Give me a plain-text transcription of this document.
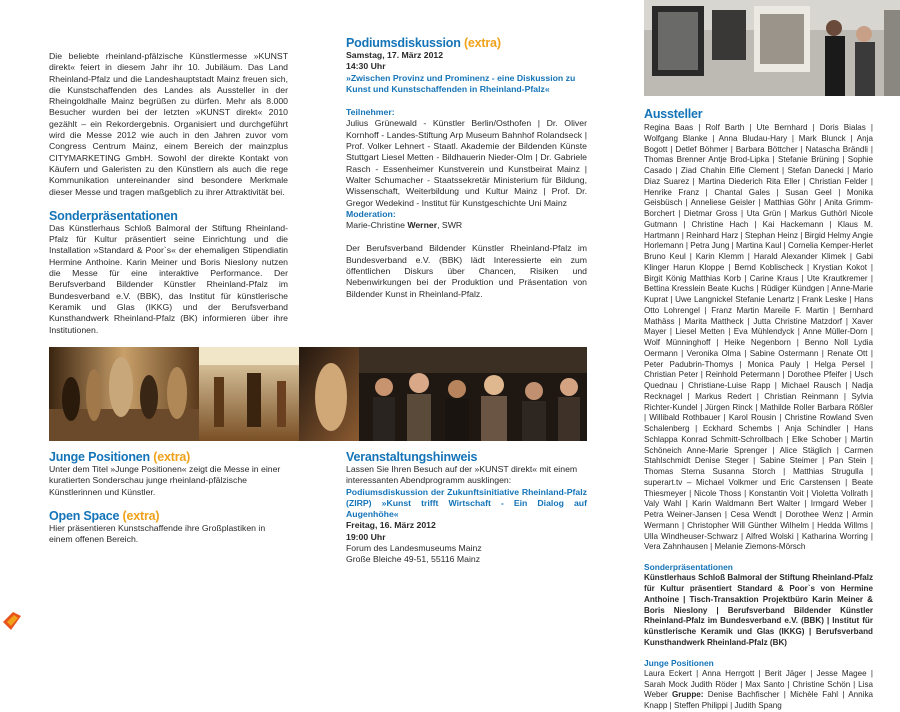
Die beliebte rheinland-pfälzische Künstlermesse »KUNST direkt« feiert in diesem Jahr ihr 10. Jubiläum. Das Land Rheinland-Pfalz und die Landeshauptstadt Mainz freuen sich, die Kunstschaffenden des Landes als Aussteller in der Rheingoldhalle Mainz begrüßen zu dürfen. Mehr als 8.000 Besucher wurden bei der letzten »KUNST direkt« 2010 gezählt – ein Rekordergebnis. Organisiert und durchgeführt wird die Messe 2012 wie auch in den Jahren zuvor vom Congress Centrum Mainz, einem Bereich der mainzplus CITYMARKETING GmbH. Sowohl der direkte Kontakt von Käufern und Galeristen zu den Künstlern als auch die rege Kommunikation untereinander sind besondere Merkmale dieser Messe und tragen maßgeblich zu ihrer Attraktivität bei.

Sonderpräsentationen

Das Künstlerhaus Schloß Balmoral der Stiftung Rheinland-Pfalz für Kultur präsentiert seine Einrichtung und die Installation »Standard & Poor`s« der ehemaligen Stipendiatin Hermine Anthoine. Karin Meiner und Boris Nieslony nutzen die Messe für eine interaktive Performance. Der Berufsverband Bildender Künstler Rheinland-Pfalz im Bundesverband e.V. (BBK), das Institut für künstlerische Keramik und Glas (IKKG) und der Berufsverband Kunsthandwerk Rheinland-Pfalz (BK) informieren über ihre Institutionen.

Podiumsdiskussion (extra)

Samstag, 17. März 2012

14:30 Uhr

»Zwischen Provinz und Prominenz - eine Diskussion zu Kunst und Kunstschaffenden in Rheinland-Pfalz«

Teilnehmer:

Julius Grünewald - Künstler Berlin/Osthofen | Dr. Oliver Kornhoff - Landes-Stiftung Arp Museum Bahnhof Rolandseck | Prof. Volker Lehnert - Staatl. Akademie der Bildenden Künste Stuttgart Liesel Metten - Bildhauerin Nieder-Olm | Dr. Gabriele Rasch - Essenheimer Kunstverein und Kunstbeirat Mainz | Walter Schumacher - Staatssekretär Ministerium für Bildung, Wissenschaft, Weiterbildung und Kultur Mainz | Prof. Dr. Gregor Wedekind - Institut für Kunstgeschichte Uni Mainz

Moderation:

Marie-Christine Werner, SWR

Der Berufsverband Bildender Künstler Rheinland-Pfalz im Bundesverband e.V. (BBK) lädt Interessierte ein zum öffentlichen Diskurs über Chancen, Risiken und Nebenwirkungen bei der Produktion und Präsentation von Bildender Kunst in Rheinland-Pfalz.

Junge Positionen (extra)

Unter dem Titel »Junge Positionen« zeigt die Messe in einer kuratierten Sonderschau junge rheinland-pfälzische Künstlerinnen und Künstler.

Open Space (extra)

Hier präsentieren Kunstschaffende ihre Großplastiken in einem offenen Bereich.

Veranstaltungshinweis

Lassen Sie Ihren Besuch auf der »KUNST direkt« mit einem interessanten Abendprogramm ausklingen:

Podiumsdiskussion der Zukunftsinitiative Rheinland-Pfalz (ZIRP) »Kunst trifft Wirtschaft - Ein Dialog auf Augenhöhe«

Freitag, 16. März 2012

19:00 Uhr

Forum des Landesmuseums Mainz

Große Bleiche 49-51, 55116 Mainz

Aussteller

Regina Baas | Rolf Barth | Ute Bernhard | Doris Bialas | Wolfgang Blanke | Anna Bludau-Hary | Mark Blunck | Anja Bogott | Detlef Böhmer | Barbara Böttcher | Natascha Brändli | Thomas Brenner Antje Brod-Lipka | Stefanie Brüning | Sophie Casado | Ziad Chahin Elfie Clement | Stefan Danecki | Mario Diaz Suarez | Martina Diederich Rita Eller | Christian Felder | Henrike Franz | Chantal Gales | Susan Geel | Monika Geisbüsch | Anneliese Geisler | Matthias Göhr | Anita Grimm-Borchert | Dietmar Gross | Uta Grün | Markus Guthörl Nicole Gutmann | Christine Hach | Kai Hackemann | Klaus M. Hartmann | Reinhard Harz | Stephan Heinz | Birgid Helmy Angie Horlemann | Petra Jung | Martina Kaul | Cornelia Kemper-Herlet Bruno Keul | Karin Klemm | Harald Alexander Klimek | Gabi Klinger Harun Kloppe | Bernd Koblischeck | Krystian Kokot | Birgit König Matthias Korb | Carine Kraus | Ute Krautkremer | Bettina Kresslein Beate Kuchs | Rüdiger Kündgen | Anne-Marie Kuprat | Uwe Langnickel Stefanie Lenartz | Frank Leske | Hans Otto Lohrengel | Franz Martin Mareile F. Martin | Bernhard Mathäss | Marita Mattheck | Jutta Christine Matzdorf | Xaver Mayer | Liesel Metten | Eva Mühlendyck | Anne Müller-Dorn | Wolf Münninghoff | Heike Negenborn | Benno Noll Lydia Oermann | Veronika Olma | Sabine Ostermann | Renate Ott | Peter Padubrin-Thomys | Monica Pauly | Helga Persel | Christian Peter | Reinhold Petermann | Dorothee Pfeifer | Usch Quednau | Christiane-Luise Rapp | Michael Rausch | Nadja Recknagel | Markus Redert | Christian Reinmann | Sylvia Richter-Kundel | Jürgen Rinck | Mathilde Roller Barbara Rößler | Willibald Rothbauer | Karol Rousin | Christine Rowland Sven Schalenberg | Eckhard Schembs | Anja Schindler | Hans Schlappa Konrad Schmitt-Schrollbach | Elke Schober | Martin Schöneich Anne-Marie Sprenger | Alice Stäglich | Carmen Stahlschmidt Denise Steger | Sabine Steimer | Pan Stein | Thomas Sterna Susanna Storch | Matthias Strugulla | superart.tv – Michael Volkmer und Eric Carstensen | Beate Thiesmeyer | Nicole Thoss | Konstantin Voit | Violetta Vollrath | Valy Wahl | Karin Waldmann Bert Walter | Irmgard Weber | Petra Weiner-Jansen | Cesa Wendt | Dorothee Wenz | Armin Wermann | Christopher Will Günther Wilhelm | Hedda Willms | Ulla Windheuser-Schwarz | Alfred Wolski | Katharina Worring | Vera Zahnhausen | Melanie Ziemons-Mörsch

Sonderpräsentationen

Künstlerhaus Schloß Balmoral der Stiftung Rheinland-Pfalz für Kultur präsentiert Standard & Poor`s von Hermine Anthoine | Tisch-Transaktion Projektbüro Karin Meiner & Boris Nieslony | Berufsverband Bildender Künstler Rheinland-Pfalz im Bundesverband e.V. (BBK) | Institut für künstlerische Keramik und Glas (IKKG) | Berufsverband Kunsthandwerk Rheinland-Pfalz (BK)

Junge Positionen

Laura Eckert | Anna Herrgott | Berit Jäger | Jesse Magee | Sarah Mock Judith Röder | Max Santo | Christine Schön | Lisa Weber Gruppe: Denise Bachfischer | Michèle Fahl | Annika Knapp | Steffen Philippi | Judith Spang
